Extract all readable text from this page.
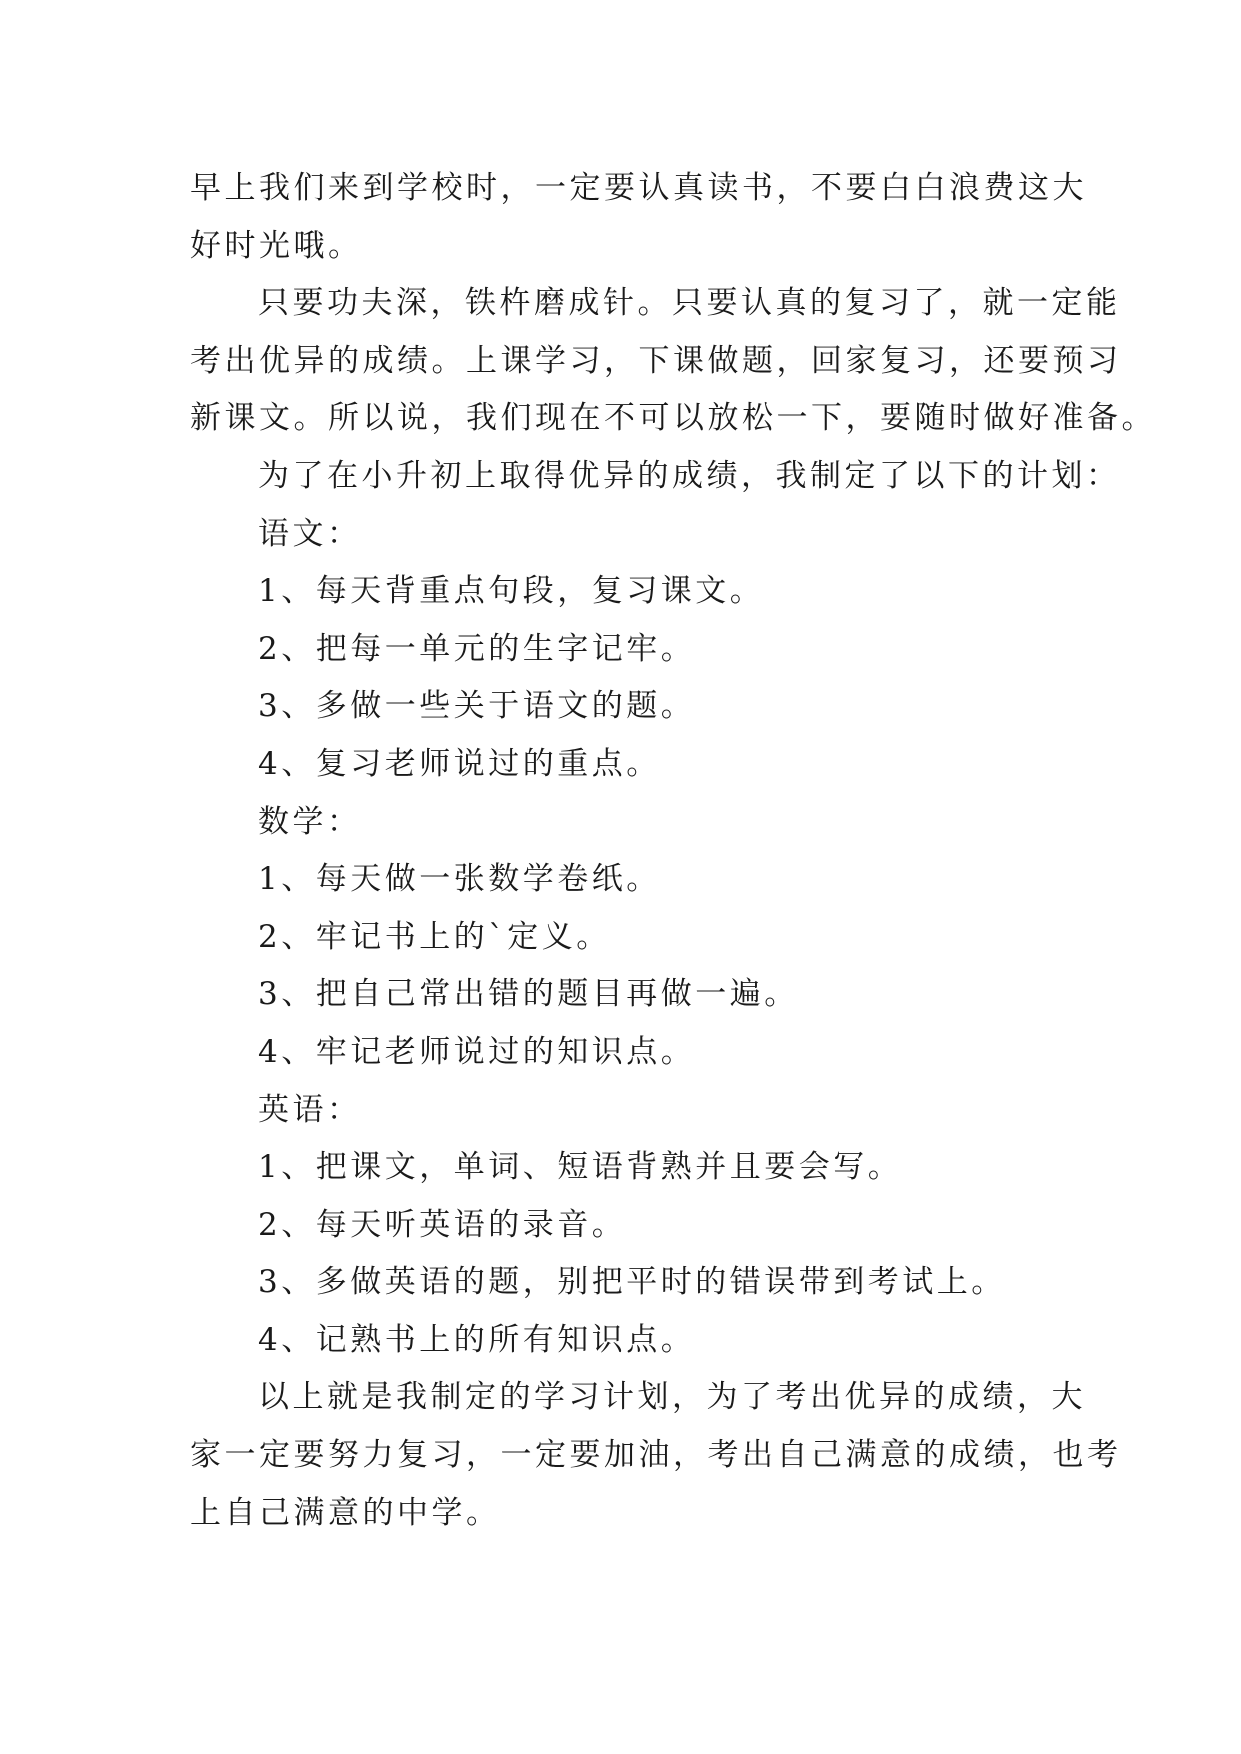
早上我们来到学校时，一定要认真读书，不要白白浪费这大
好时光哦。
只要功夫深，铁杵磨成针。只要认真的复习了，就一定能
考出优异的成绩。上课学习，下课做题，回家复习，还要预习
新课文。所以说，我们现在不可以放松一下，要随时做好准备。
为了在小升初上取得优异的成绩，我制定了以下的计划：
语文：
1、每天背重点句段，复习课文。
2、把每一单元的生字记牢。
3、多做一些关于语文的题。
4、复习老师说过的重点。
数学：
1、每天做一张数学卷纸。
2、牢记书上的`定义。
3、把自己常出错的题目再做一遍。
4、牢记老师说过的知识点。
英语：
1、把课文，单词、短语背熟并且要会写。
2、每天听英语的录音。
3、多做英语的题，别把平时的错误带到考试上。
4、记熟书上的所有知识点。
以上就是我制定的学习计划，为了考出优异的成绩，大
家一定要努力复习，一定要加油，考出自己满意的成绩，也考
上自己满意的中学。
